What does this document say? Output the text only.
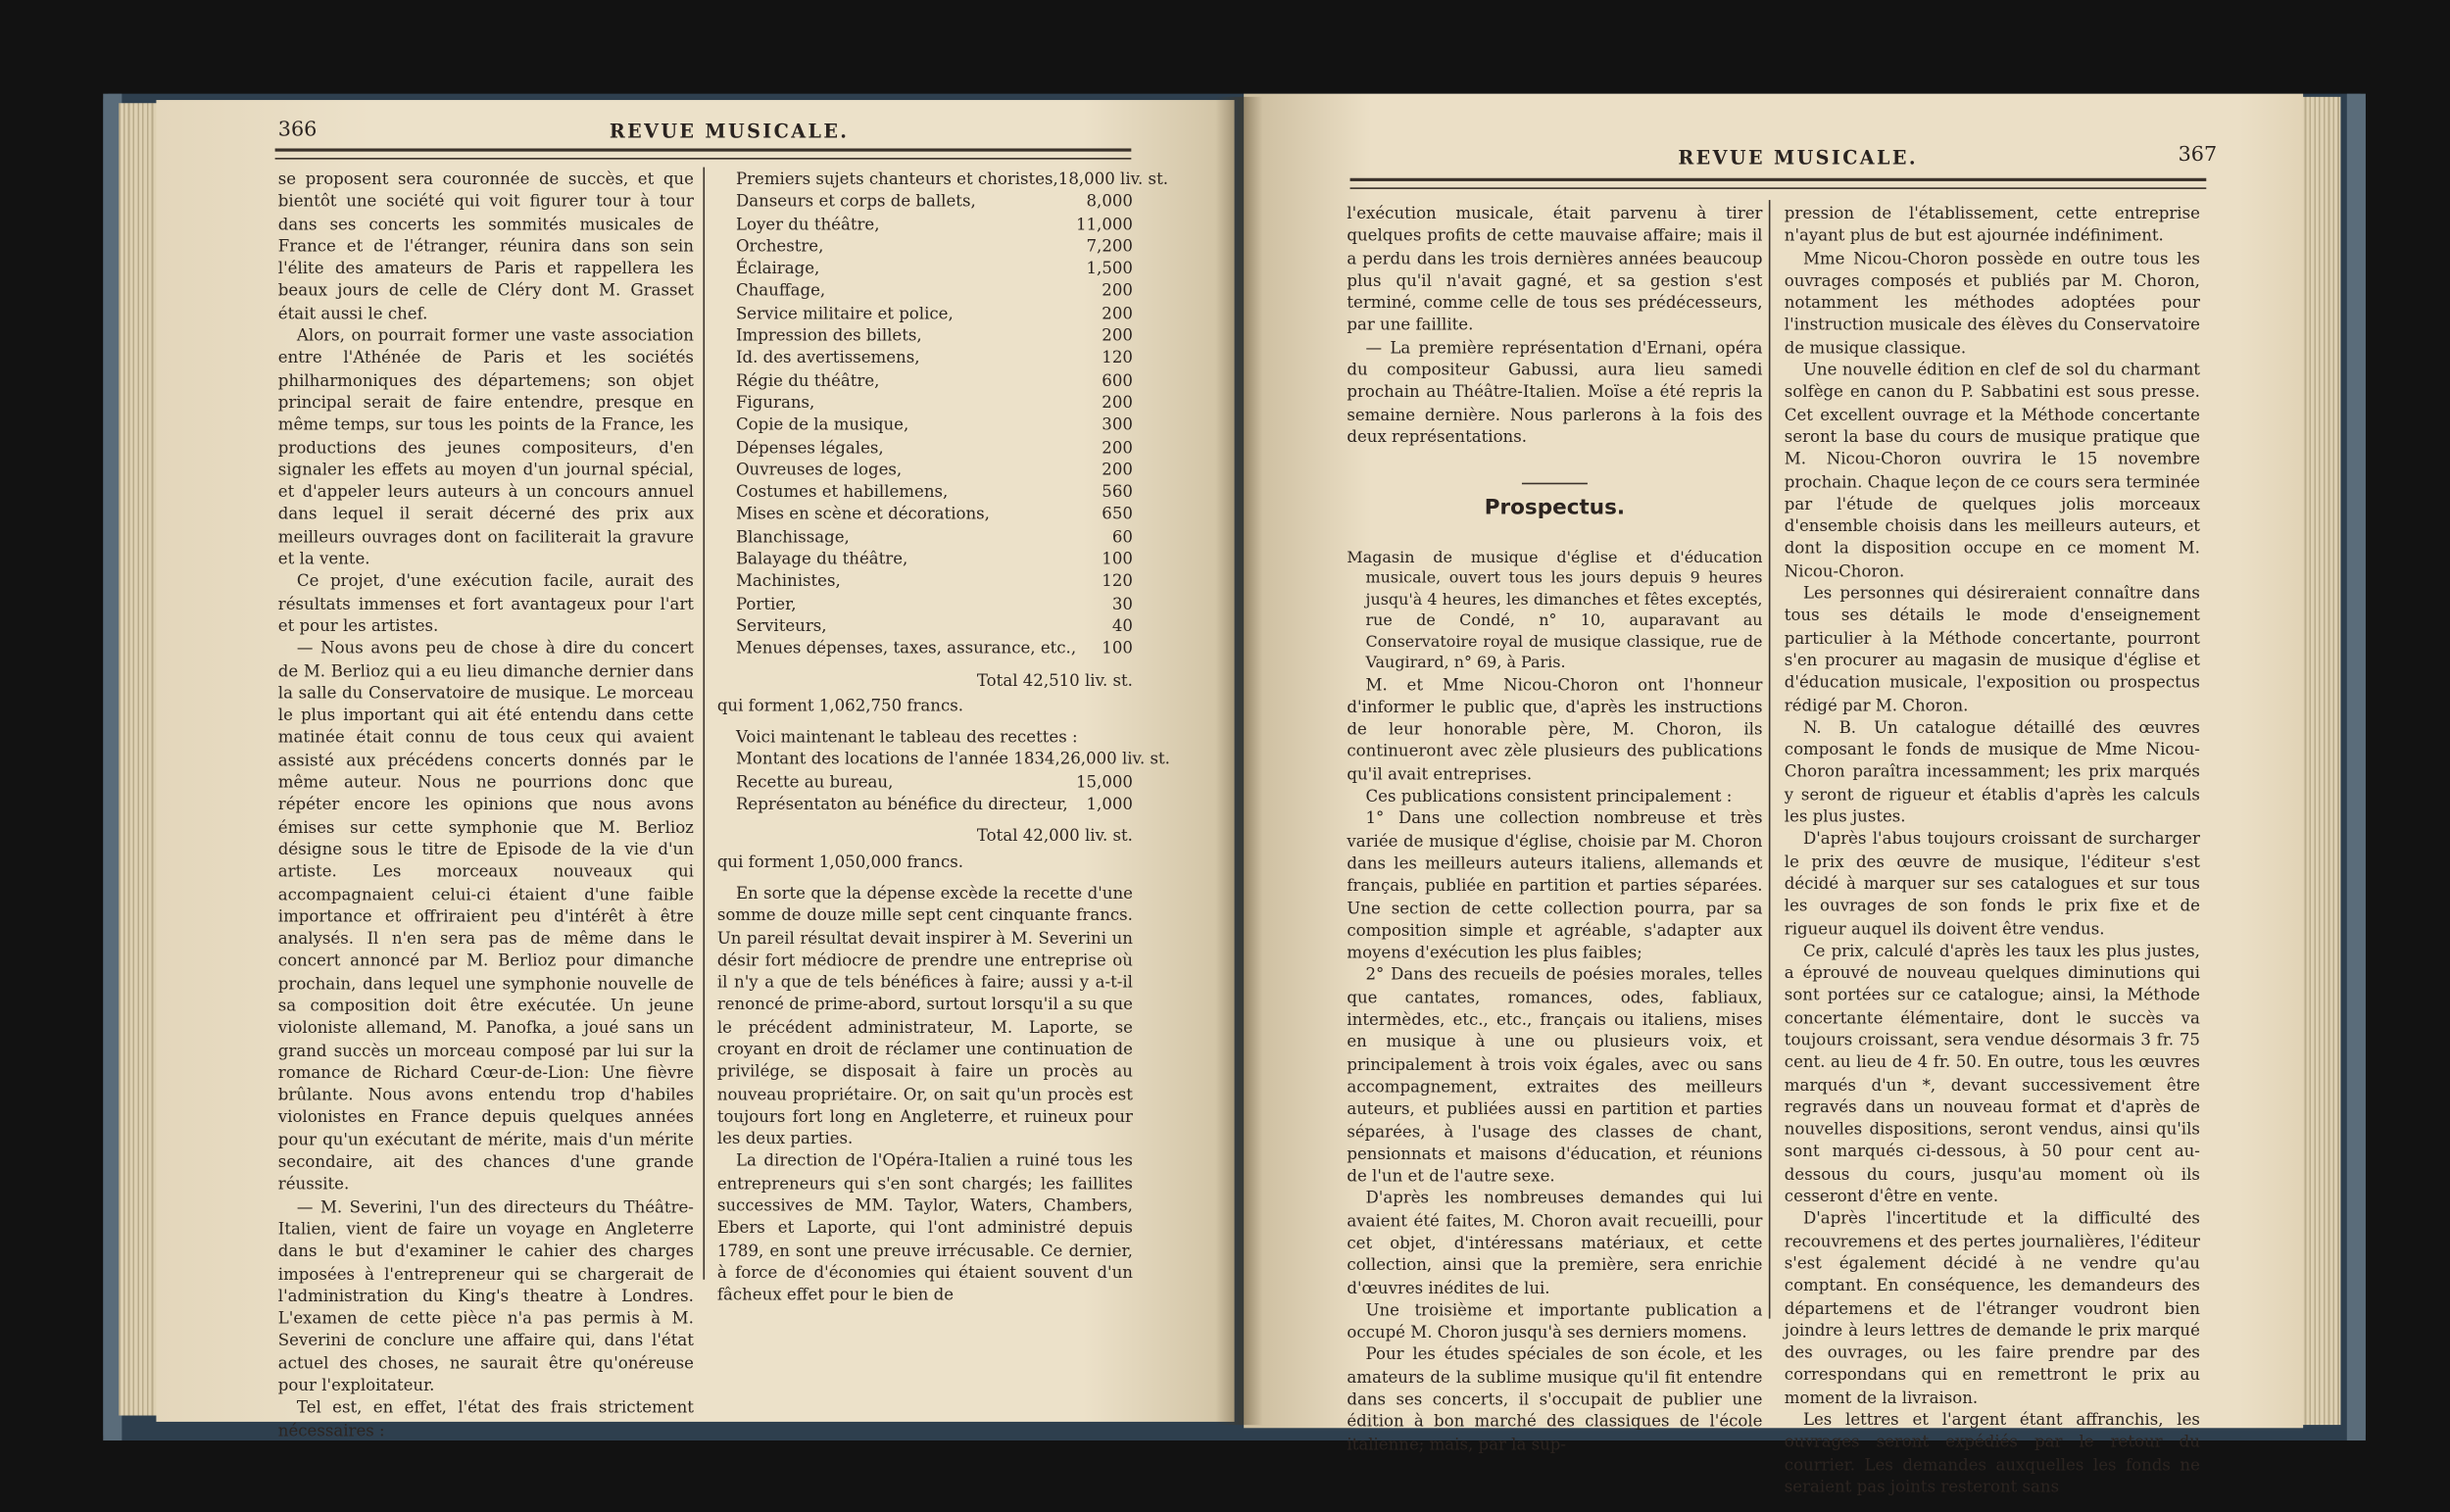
366	REVUE MUSICALE.

se proposent sera couronnée de succès, et que bientôt une société qui voit figurer tour à tour dans ses concerts les sommités musicales de France et de l'étranger, réunira dans son sein l'élite des amateurs de Paris et rappellera les beaux jours de celle de Cléry dont M. Grasset était aussi le chef.

Alors, on pourrait former une vaste association entre l'Athénée de Paris et les sociétés philharmoniques des départemens; son objet principal serait de faire entendre, presque en même temps, sur tous les points de la France, les productions des jeunes compositeurs, d'en signaler les effets au moyen d'un journal spécial, et d'appeler leurs auteurs à un concours annuel dans lequel il serait décerné des prix aux meilleurs ouvrages dont on faciliterait la gravure et la vente.

Ce projet, d'une exécution facile, aurait des résultats immenses et fort avantageux pour l'art et pour les artistes.

— Nous avons peu de chose à dire du concert de M. Berlioz qui a eu lieu dimanche dernier dans la salle du Conservatoire de musique. Le morceau le plus important qui ait été entendu dans cette matinée était connu de tous ceux qui avaient assisté aux précédens concerts donnés par le même auteur. Nous ne pourrions donc que répéter encore les opinions que nous avons émises sur cette symphonie que M. Berlioz désigne sous le titre de Episode de la vie d'un artiste. Les morceaux nouveaux qui accompagnaient celui-ci étaient d'une faible importance et offriraient peu d'intérêt à être analysés. Il n'en sera pas de même dans le concert annoncé par M. Berlioz pour dimanche prochain, dans lequel une symphonie nouvelle de sa composition doit être exécutée. Un jeune violoniste allemand, M. Panofka, a joué sans un grand succès un morceau composé par lui sur la romance de Richard Cœur-de-Lion: Une fièvre brûlante. Nous avons entendu trop d'habiles violonistes en France depuis quelques années pour qu'un exécutant de mérite, mais d'un mérite secondaire, ait des chances d'une grande réussite.

— M. Severini, l'un des directeurs du Théâtre-Italien, vient de faire un voyage en Angleterre dans le but d'examiner le cahier des charges imposées à l'entrepreneur qui se chargerait de l'administration du King's theatre à Londres. L'examen de cette pièce n'a pas permis à M. Severini de conclure une affaire qui, dans l'état actuel des choses, ne saurait être qu'onéreuse pour l'exploitateur.

Tel est, en effet, l'état des frais strictement nécessaires :

Premiers sujets chanteurs et choristes, 18,000 liv. st.
Danseurs et corps de ballets,	8,000
Loyer du théâtre,	11,000
Orchestre,	7,200
Éclairage,	1,500
Chauffage,	200
Service militaire et police,	200
Impression des billets,	200
Id. des avertissemens,	120
Régie du théâtre,	600
Figurans,	200
Copie de la musique,	300
Dépenses légales,	200
Ouvreuses de loges,	200
Costumes et habillemens,	560
Mises en scène et décorations,	650
Blanchissage,	60
Balayage du théâtre,	100
Machinistes,	120
Portier,	30
Serviteurs,	40
Menues dépenses, taxes, assurance, etc.,	100
Total 42,510 liv. st.

qui forment 1,062,750 francs.

Voici maintenant le tableau des recettes :

Montant des locations de l'année 1834, 26,000 liv. st.
Recette au bureau,	15,000
Représentaton au bénéfice du directeur,	1,000
Total 42,000 liv. st.

qui forment 1,050,000 francs.

En sorte que la dépense excède la recette d'une somme de douze mille sept cent cinquante francs. Un pareil résultat devait inspirer à M. Severini un désir fort médiocre de prendre une entreprise où il n'y a que de tels bénéfices à faire; aussi y a-t-il renoncé de prime-abord, surtout lorsqu'il a su que le précédent administrateur, M. Laporte, se croyant en droit de réclamer une continuation de privilége, se disposait à faire un procès au nouveau propriétaire. Or, on sait qu'un procès est toujours fort long en Angleterre, et ruineux pour les deux parties.

La direction de l'Opéra-Italien a ruiné tous les entrepreneurs qui s'en sont chargés; les faillites successives de MM. Taylor, Waters, Chambers, Ebers et Laporte, qui l'ont administré depuis 1789, en sont une preuve irrécusable. Ce dernier, à force de d'économies qui étaient souvent d'un fâcheux effet pour le bien de

REVUE MUSICALE.	367

l'exécution musicale, était parvenu à tirer quelques profits de cette mauvaise affaire; mais il a perdu dans les trois dernières années beaucoup plus qu'il n'avait gagné, et sa gestion s'est terminé, comme celle de tous ses prédécesseurs, par une faillite.

— La première représentation d'Ernani, opéra du compositeur Gabussi, aura lieu samedi prochain au Théâtre-Italien. Moïse a été repris la semaine dernière. Nous parlerons à la fois des deux représentations.

Prospectus.

Magasin de musique d'église et d'éducation musicale, ouvert tous les jours depuis 9 heures jusqu'à 4 heures, les dimanches et fêtes exceptés, rue de Condé, n° 10, auparavant au Conservatoire royal de musique classique, rue de Vaugirard, n° 69, à Paris.

M. et Mme Nicou-Choron ont l'honneur d'informer le public que, d'après les instructions de leur honorable père, M. Choron, ils continueront avec zèle plusieurs des publications qu'il avait entreprises.

Ces publications consistent principalement :

1° Dans une collection nombreuse et très variée de musique d'église, choisie par M. Choron dans les meilleurs auteurs italiens, allemands et français, publiée en partition et parties séparées. Une section de cette collection pourra, par sa composition simple et agréable, s'adapter aux moyens d'exécution les plus faibles;

2° Dans des recueils de poésies morales, telles que cantates, romances, odes, fabliaux, intermèdes, etc., etc., français ou italiens, mises en musique à une ou plusieurs voix, et principalement à trois voix égales, avec ou sans accompagnement, extraites des meilleurs auteurs, et publiées aussi en partition et parties séparées, à l'usage des classes de chant, pensionnats et maisons d'éducation, et réunions de l'un et de l'autre sexe.

D'après les nombreuses demandes qui lui avaient été faites, M. Choron avait recueilli, pour cet objet, d'intéressans matériaux, et cette collection, ainsi que la première, sera enrichie d'œuvres inédites de lui.

Une troisième et importante publication a occupé M. Choron jusqu'à ses derniers momens.

Pour les études spéciales de son école, et les amateurs de la sublime musique qu'il fit entendre dans ses concerts, il s'occupait de publier une édition à bon marché des classiques de l'école italienne; mais, par la sup-

pression de l'établissement, cette entreprise n'ayant plus de but est ajournée indéfiniment.

Mme Nicou-Choron possède en outre tous les ouvrages composés et publiés par M. Choron, notamment les méthodes adoptées pour l'instruction musicale des élèves du Conservatoire de musique classique.

Une nouvelle édition en clef de sol du charmant solfège en canon du P. Sabbatini est sous presse. Cet excellent ouvrage et la Méthode concertante seront la base du cours de musique pratique que M. Nicou-Choron ouvrira le 15 novembre prochain. Chaque leçon de ce cours sera terminée par l'étude de quelques jolis morceaux d'ensemble choisis dans les meilleurs auteurs, et dont la disposition occupe en ce moment M. Nicou-Choron.

Les personnes qui désireraient connaître dans tous ses détails le mode d'enseignement particulier à la Méthode concertante, pourront s'en procurer au magasin de musique d'église et d'éducation musicale, l'exposition ou prospectus rédigé par M. Choron.

N. B. Un catalogue détaillé des œuvres composant le fonds de musique de Mme Nicou-Choron paraîtra incessamment; les prix marqués y seront de rigueur et établis d'après les calculs les plus justes.

D'après l'abus toujours croissant de surcharger le prix des œuvre de musique, l'éditeur s'est décidé à marquer sur ses catalogues et sur tous les ouvrages de son fonds le prix fixe et de rigueur auquel ils doivent être vendus.

Ce prix, calculé d'après les taux les plus justes, a éprouvé de nouveau quelques diminutions qui sont portées sur ce catalogue; ainsi, la Méthode concertante élémentaire, dont le succès va toujours croissant, sera vendue désormais 3 fr. 75 cent. au lieu de 4 fr. 50. En outre, tous les œuvres marqués d'un *, devant successivement être regravés dans un nouveau format et d'après de nouvelles dispositions, seront vendus, ainsi qu'ils sont marqués ci-dessous, à 50 pour cent au-dessous du cours, jusqu'au moment où ils cesseront d'être en vente.

D'après l'incertitude et la difficulté des recouvremens et des pertes journalières, l'éditeur s'est également décidé à ne vendre qu'au comptant. En conséquence, les demandeurs des départemens et de l'étranger voudront bien joindre à leurs lettres de demande le prix marqué des ouvrages, ou les faire prendre par des correspondans qui en remettront le prix au moment de la livraison.

Les lettres et l'argent étant affranchis, les ouvrages seront expédiés par le retour du courrier. Les demandes auxquelles les fonds ne seraient pas joints resteront sans
